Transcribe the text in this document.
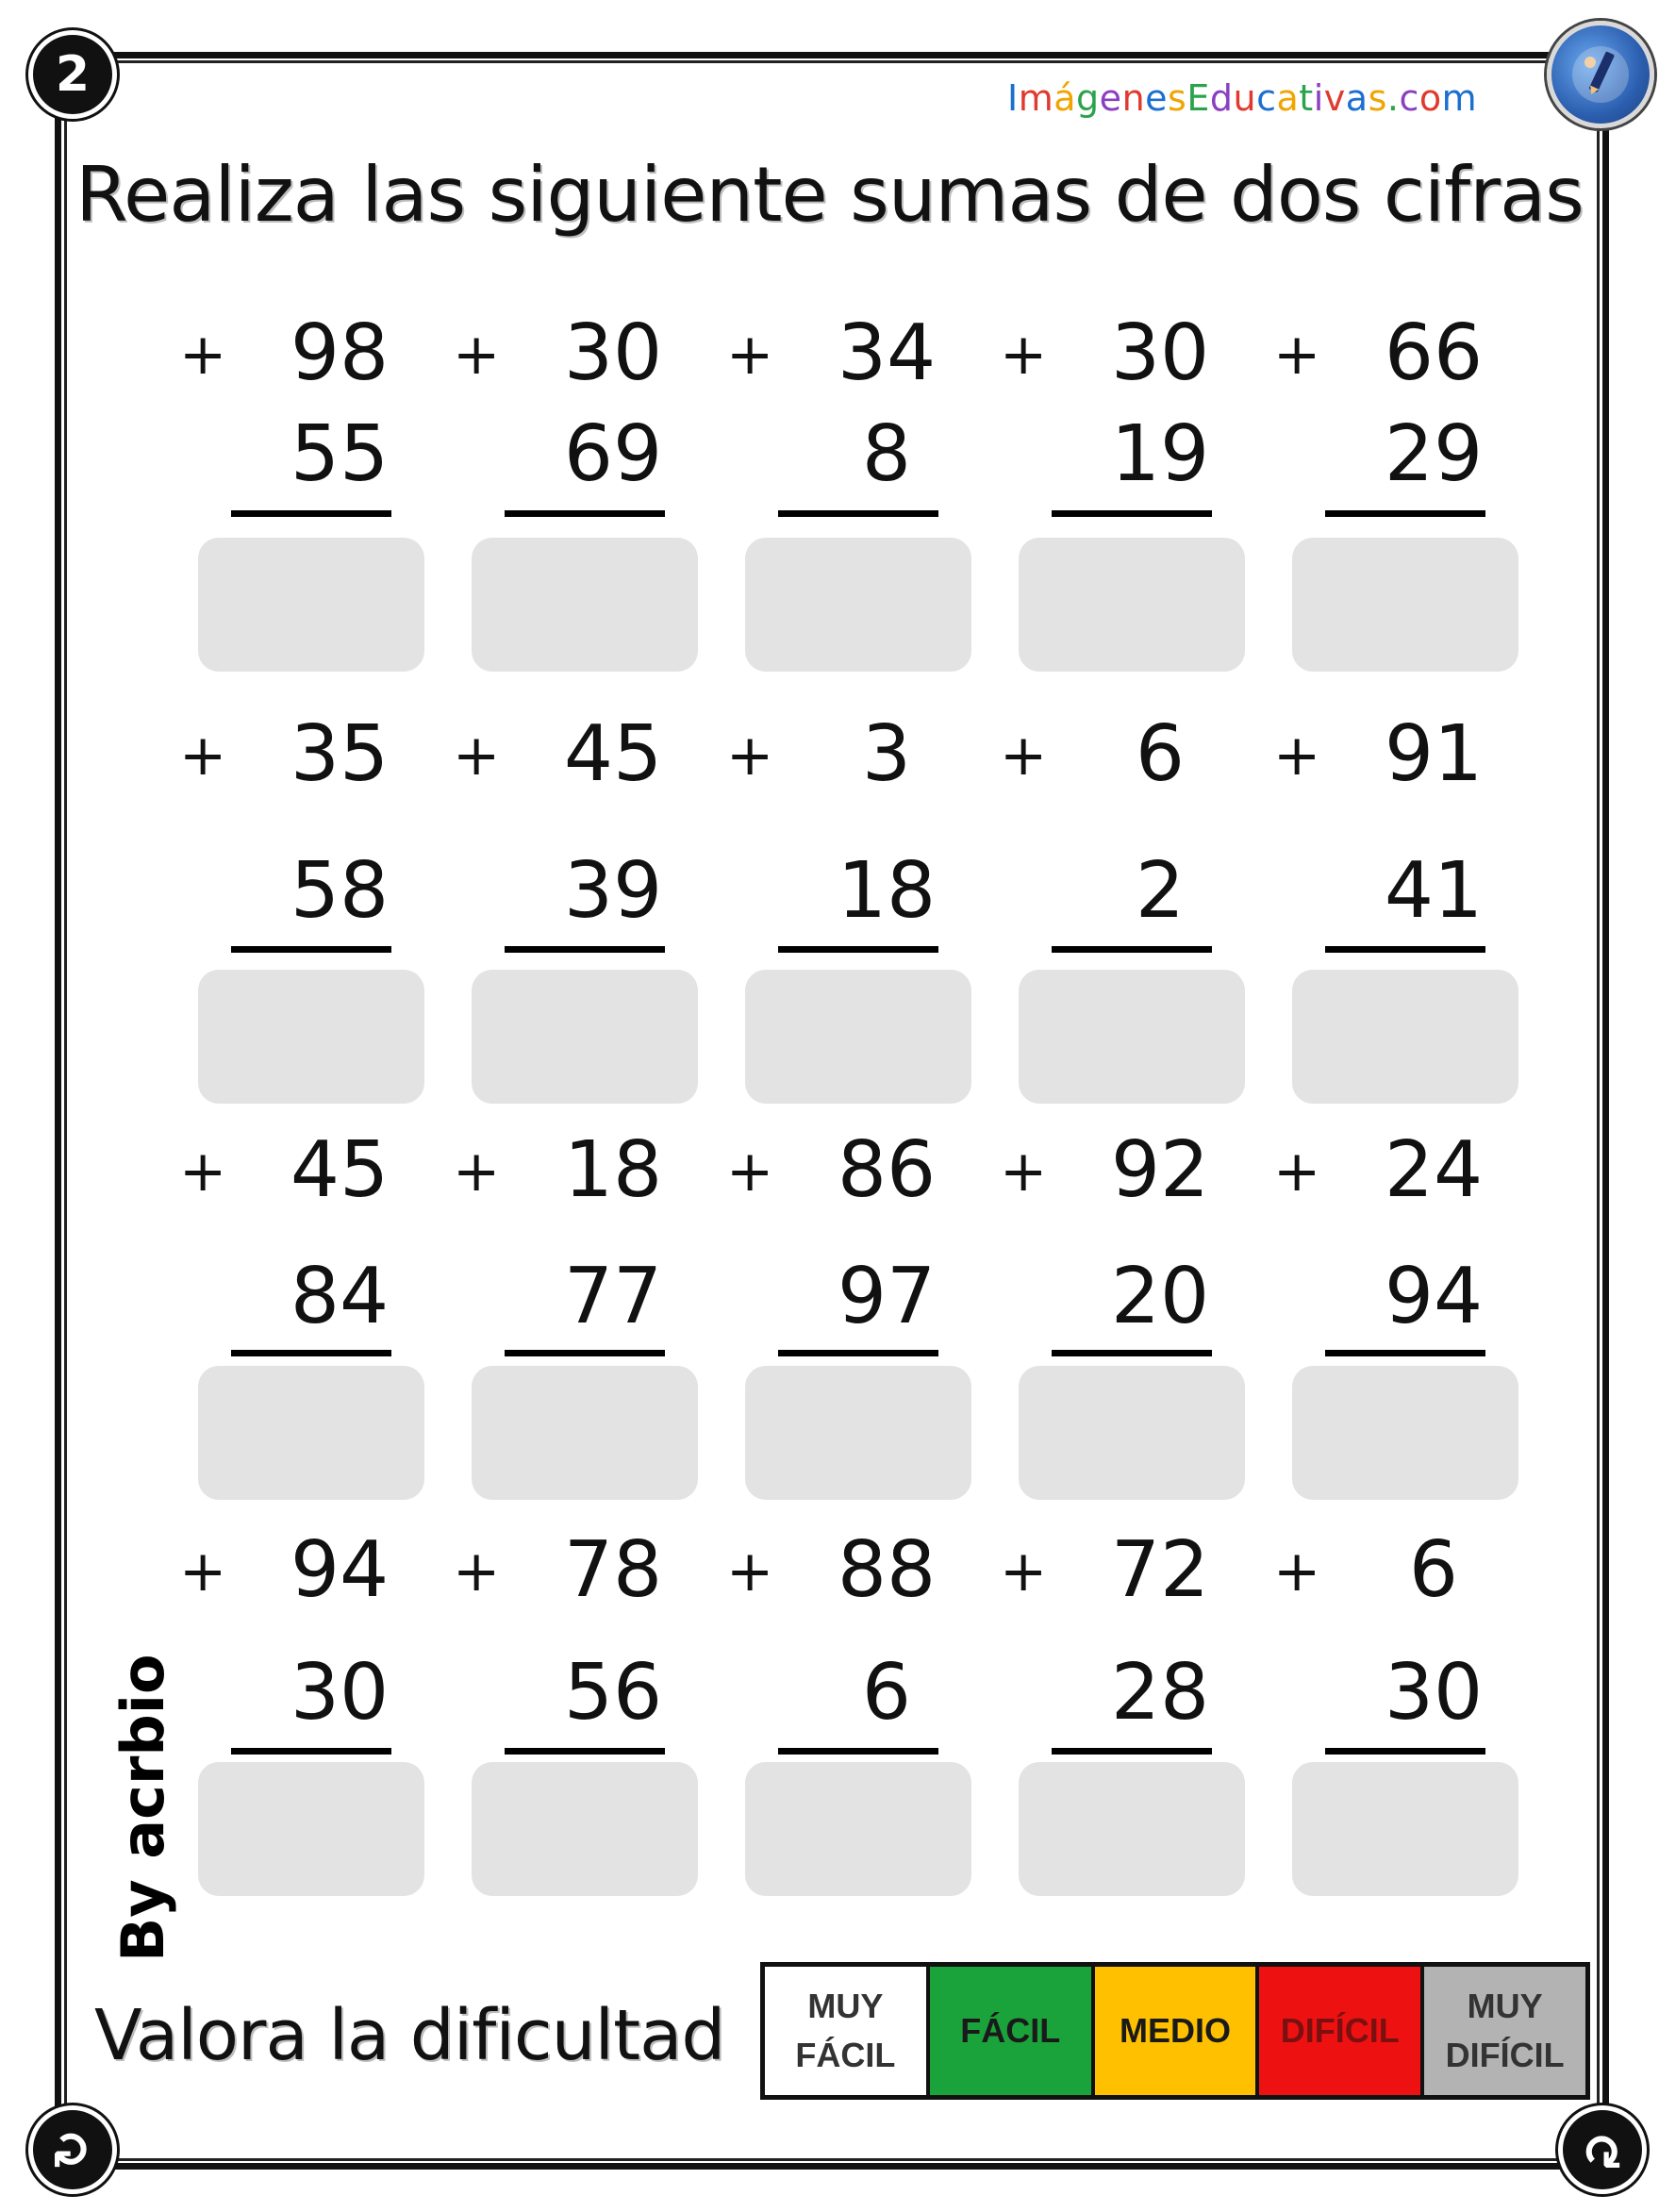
2
↻	↻
ImágenesEducativas.com
Realiza las siguiente sumas de dos cifras
+ 98
55
+ 30
69
+ 34
8
+ 30
19
+ 66
29
+ 35
58
+ 45
39
+	3
18
+	6
2
+ 91
41
+ 45
84
+ 18
77
+ 86
97
+ 92
20
+ 24
94
+ 94
30
+ 78
56
+ 88
6
+ 72
28
+	6
30
By acrbio
Valora la dificultad	MUY
FÁCIL
FÁCIL	MEDIO	DIFÍCIL
MUY
DIFÍCIL
